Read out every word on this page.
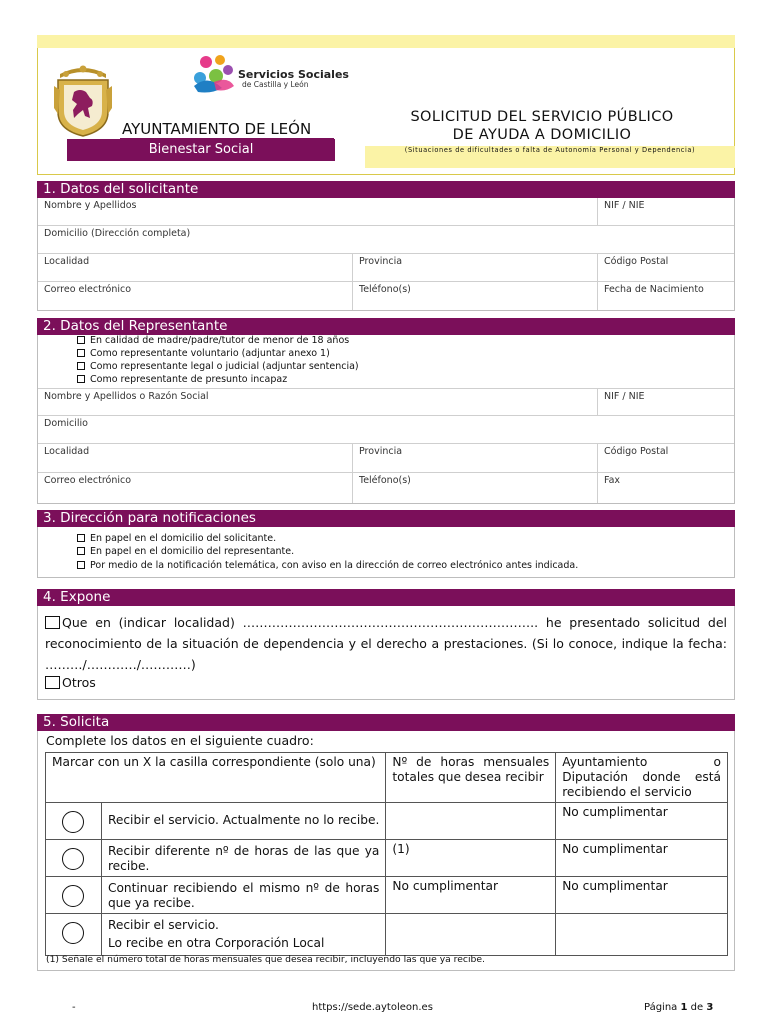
Servicios Sociales
de Castilla y León
AYUNTAMIENTO DE LEÓN
Bienestar Social
SOLICITUD DEL SERVICIO PÚBLICO
DE AYUDA A DOMICILIO
(Situaciones de dificultades o falta de Autonomía Personal y Dependencia)
1. Datos del solicitante
Nombre y Apellidos	NIF / NIE
Domicilio (Dirección completa)
Localidad	Provincia	Código Postal
Correo electrónico	Teléfono(s)	Fecha de Nacimiento
2. Datos del Representante
En calidad de madre/padre/tutor de menor de 18 años
Como representante voluntario (adjuntar anexo 1)
Como representante legal o judicial (adjuntar sentencia)
Como representante de presunto incapaz
Nombre y Apellidos o Razón Social	NIF / NIE
Domicilio
Localidad	Provincia	Código Postal
Correo electrónico	Teléfono(s)	Fax
3. Dirección para notificaciones
En papel en el domicilio del solicitante.
En papel en el domicilio del representante.
Por medio de la notificación telemática, con aviso en la dirección de correo electrónico antes indicada.
4. Expone
Que en (indicar localidad) …………………………………………………………….. he presentado solicitud del reconocimiento de la situación de dependencia y el derecho a prestaciones. (Si lo conoce, indique la fecha: ………/…………/…………)
Otros
5. Solicita
Complete los datos en el siguiente cuadro:
Marcar con un X la casilla correspondiente (solo una)		Nº de horas mensuales totales que desea recibir	Ayuntamiento o Diputación donde está recibiendo el servicio

	Recibir el servicio. Actualmente no lo recibe.		No cumplimentar

	Recibir diferente nº de horas de las que ya recibe.	(1)	No cumplimentar

	Continuar recibiendo el mismo nº de horas que ya recibe.	No cumplimentar	No cumplimentar

	Recibir el servicio.
Lo recibe en otra Corporación Local		

(1) Señale el número total de horas mensuales que desea recibir, incluyendo las que ya recibe.
-	https://sede.aytoleon.es	Página 1 de 3
